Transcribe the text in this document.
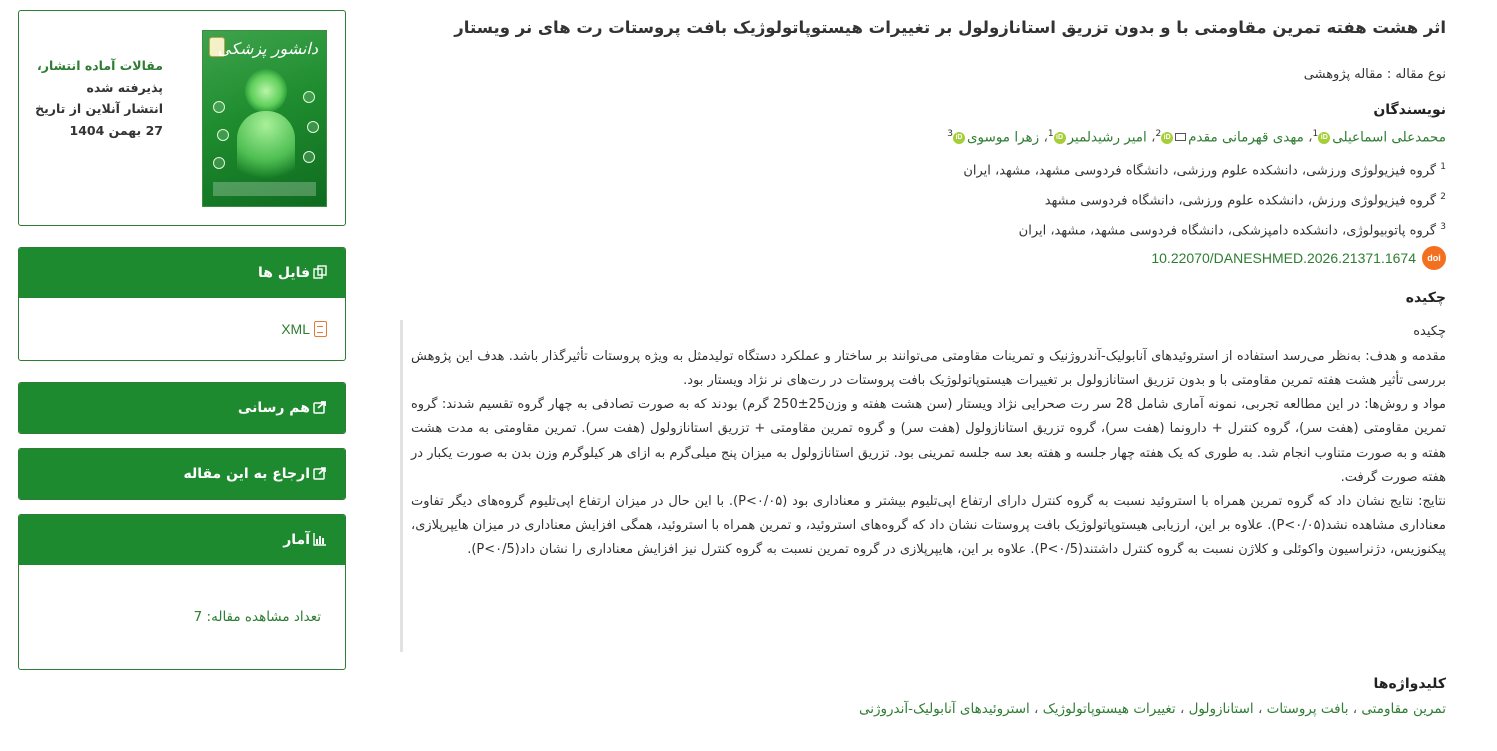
اثر هشت هفته تمرین مقاومتی با و بدون تزریق استانازولول بر تغییرات هیستوپاتولوژیک بافت پروستات رت های نر ویستار
نوع مقاله : مقاله پژوهشی
نویسندگان
محمدعلی اسماعیلیiD$^1$، مهدی قهرمانی مقدمiD$^2$، امیر رشیدلمیرiD$^1$، زهرا موسویiD$^3$
$^1$ گروه فیزیولوژی ورزشی، دانشکده علوم ورزشی، دانشگاه فردوسی مشهد، مشهد، ایران
$^2$ گروه فیزیولوژی ورزش، دانشکده علوم ورزشی، دانشگاه فردوسی مشهد
$^3$ گروه پاتوبیولوژی، دانشکده دامپزشکی، دانشگاه فردوسی مشهد، مشهد، ایران
10.22070/DANESHMED.2026.21371.1674 doi
چکیده

چکیده

مقدمه و هدف: به‌نظر می‌رسد استفاده از استروئیدهای آنابولیک-آندروژنیک و تمرینات مقاومتی می‌توانند بر ساختار و عملکرد دستگاه تولیدمثل به ویژه پروستات تأثیرگذار باشد. هدف این پژوهش بررسی تأثیر هشت هفته تمرین مقاومتی با و بدون تزریق استانازولول بر تغییرات هیستوپاتولوژیک بافت پروستات در رت‌های نر نژاد ویستار بود.

مواد و روش‌ها: در این مطالعه تجربی، نمونه آماری شامل 28 سر رت صحرایی نژاد ویستار (سن هشت هفته و وزن25±250 گرم) بودند که به صورت تصادفی به چهار گروه تقسیم شدند: گروه تمرین مقاومتی (هفت سر)، گروه کنترل + دارونما (هفت سر)، گروه تزریق استانازولول (هفت سر) و گروه تمرین مقاومتی + تزریق استانازولول (هفت سر). تمرین مقاومتی به مدت هشت هفته و به صورت متناوب انجام شد. به طوری که یک هفته چهار جلسه و هفته بعد سه جلسه تمرینی بود. تزریق استانازولول به میزان پنج میلی‌گرم به ازای هر کیلوگرم وزن بدن به صورت یکبار در هفته صورت گرفت.

نتایج: نتایج نشان داد که گروه تمرین همراه با استروئید نسبت به گروه کنترل دارای ارتفاع اپی‌تلیوم بیشتر و معناداری بود (P<۰/۰۵). با این حال در میزان ارتفاع اپی‌تلیوم گروه‌های دیگر تفاوت معناداری مشاهده نشد(P<۰/۰۵). علاوه بر این، ارزیابی هیستوپاتولوژیک بافت پروستات نشان داد که گروه‌های استروئید، و تمرین همراه با استروئید، همگی افزایش معناداری در میزان هایپرپلازی، پیکنوزیس، دژنراسیون واکوئلی و کلاژن نسبت به گروه کنترل داشتند(P<۰/5). علاوه بر این، هایپرپلازی در گروه تمرین نسبت به گروه کنترل نیز افزایش معناداری را نشان داد(P<۰/5).

کلیدواژه‌ها
تمرین مقاومتی ، بافت پروستات ، استانازولول ، تغییرات هیستوپاتولوژیک ، استروئیدهای آنابولیک-آندروژنی
مقالات آماده انتشار،
پذیرفته شده
انتشار آنلاین از تاریخ
27 بهمن 1404
دانشور پزشکی
فایل ها
XML
هم رسانی
ارجاع به این مقاله
آمار
تعداد مشاهده مقاله: 7
